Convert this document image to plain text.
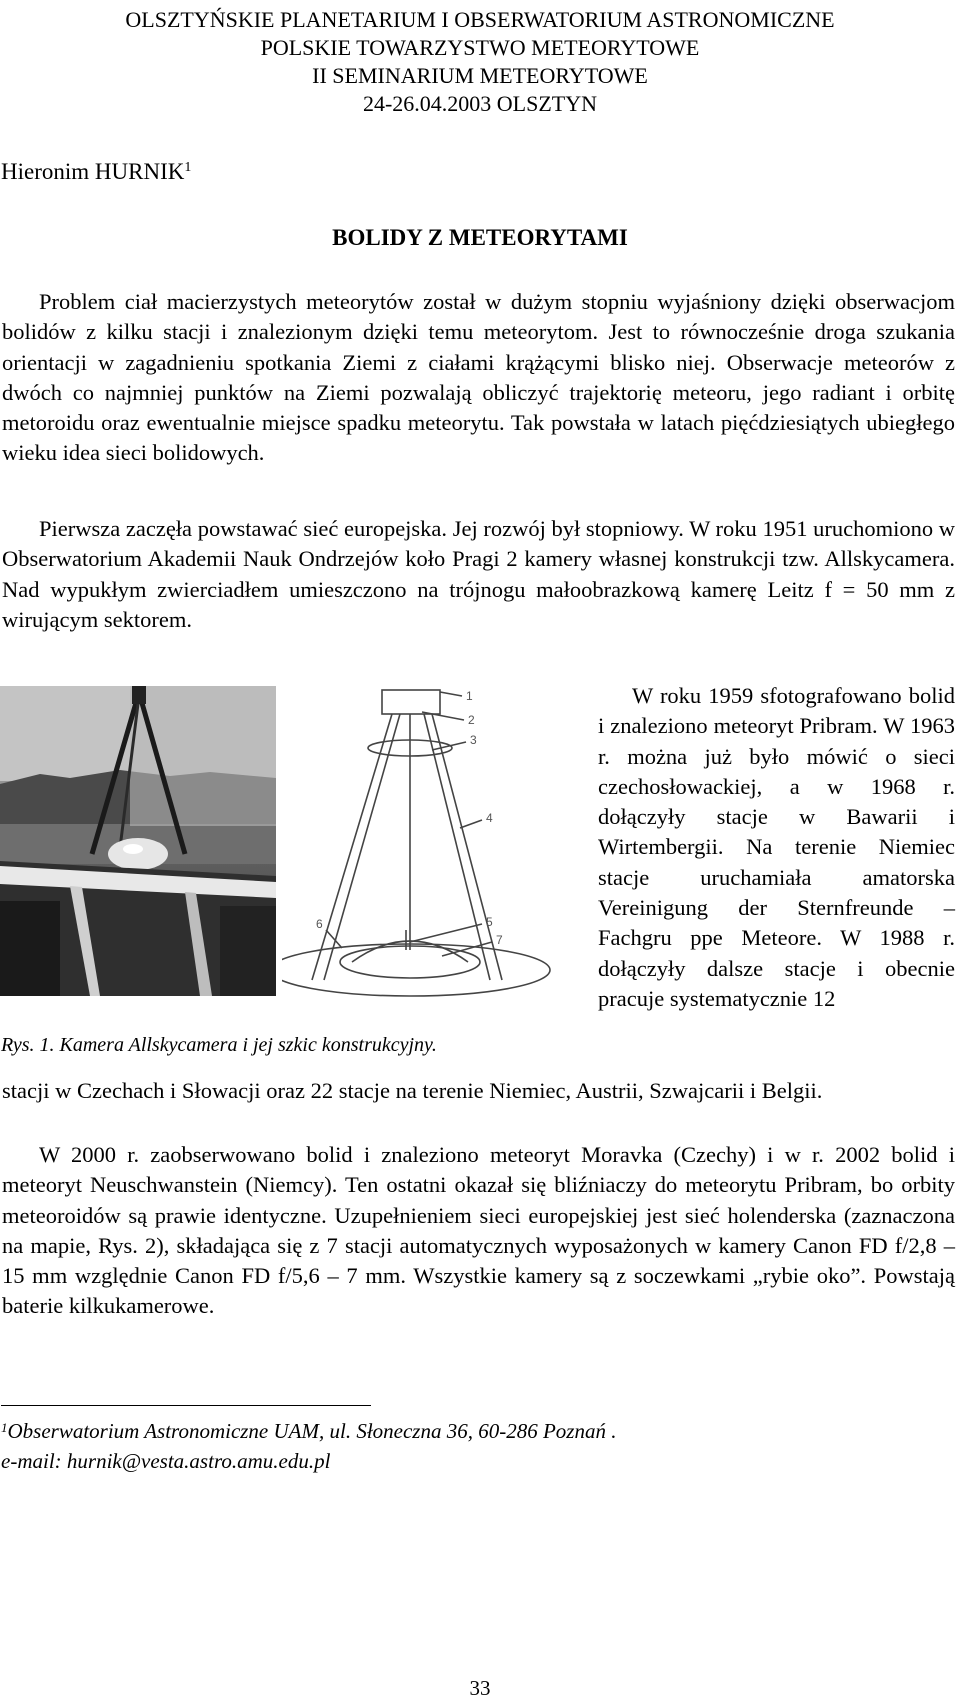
OLSZTYŃSKIE PLANETARIUM I OBSERWATORIUM ASTRONOMICZNE
POLSKIE TOWARZYSTWO METEORYTOWE
II SEMINARIUM METEORYTOWE
24-26.04.2003 OLSZTYN
Hieronim HURNIK$^1$
BOLIDY Z METEORYTAMI

Problem ciał macierzystych meteorytów został w dużym stopniu wyjaśniony dzięki obserwacjom bolidów z kilku stacji i znalezionym dzięki temu meteorytom. Jest to równocześnie droga szukania orientacji w zagadnieniu spotkania Ziemi z ciałami krążącymi blisko niej. Obserwacje meteorów z dwóch co najmniej punktów na Ziemi pozwalają obliczyć trajektorię meteoru, jego radiant i orbitę metoroidu oraz ewentualnie miejsce spadku meteorytu. Tak powstała w latach pięćdziesiątych ubiegłego wieku idea sieci bolidowych.

Pierwsza zaczęła powstawać sieć europejska. Jej rozwój był stopniowy. W roku 1951 uruchomiono w Obserwatorium Akademii Nauk Ondrzejów koło Pragi 2 kamery własnej konstrukcji tzw. Allskycamera. Nad wypukłym zwierciadłem umieszczono na trójnogu małoobrazkową kamerę Leitz f = 50 mm z wirującym sektorem.

1
2
3
4
5
6
7

W roku 1959 sfotografowano bolid i znaleziono meteoryt Pribram. W 1963 r. można już było mówić o sieci czechosłowackiej, a w 1968 r. dołączyły stacje w Bawarii i Wirtembergii. Na terenie Niemiec stacje uruchamiała amatorska Vereinigung der Sternfreunde – Fachgru ppe Meteore. W 1988 r. dołączyły dalsze stacje i obecnie pracuje systematycznie 12

Rys. 1. Kamera Allskycamera i jej szkic konstrukcyjny.

stacji w Czechach i Słowacji oraz 22 stacje na terenie Niemiec, Austrii, Szwajcarii i Belgii.

W 2000 r. zaobserwowano bolid i znaleziono meteoryt Moravka (Czechy) i w r. 2002 bolid i meteoryt Neuschwanstein (Niemcy). Ten ostatni okazał się bliźniaczy do meteorytu Pribram, bo orbity meteoroidów są prawie identyczne. Uzupełnieniem sieci europejskiej jest sieć holenderska (zaznaczona na mapie, Rys. 2), składająca się z 7 stacji automatycznych wyposażonych w kamery Canon FD f/2,8 – 15 mm względnie Canon FD f/5,6 – 7 mm. Wszystkie kamery są z soczewkami „rybie oko”. Powstają baterie kilkukamerowe.

$^1$Obserwatorium Astronomiczne UAM, ul. Słoneczna 36, 60-286 Poznań .
e-mail: hurnik@vesta.astro.amu.edu.pl
33
